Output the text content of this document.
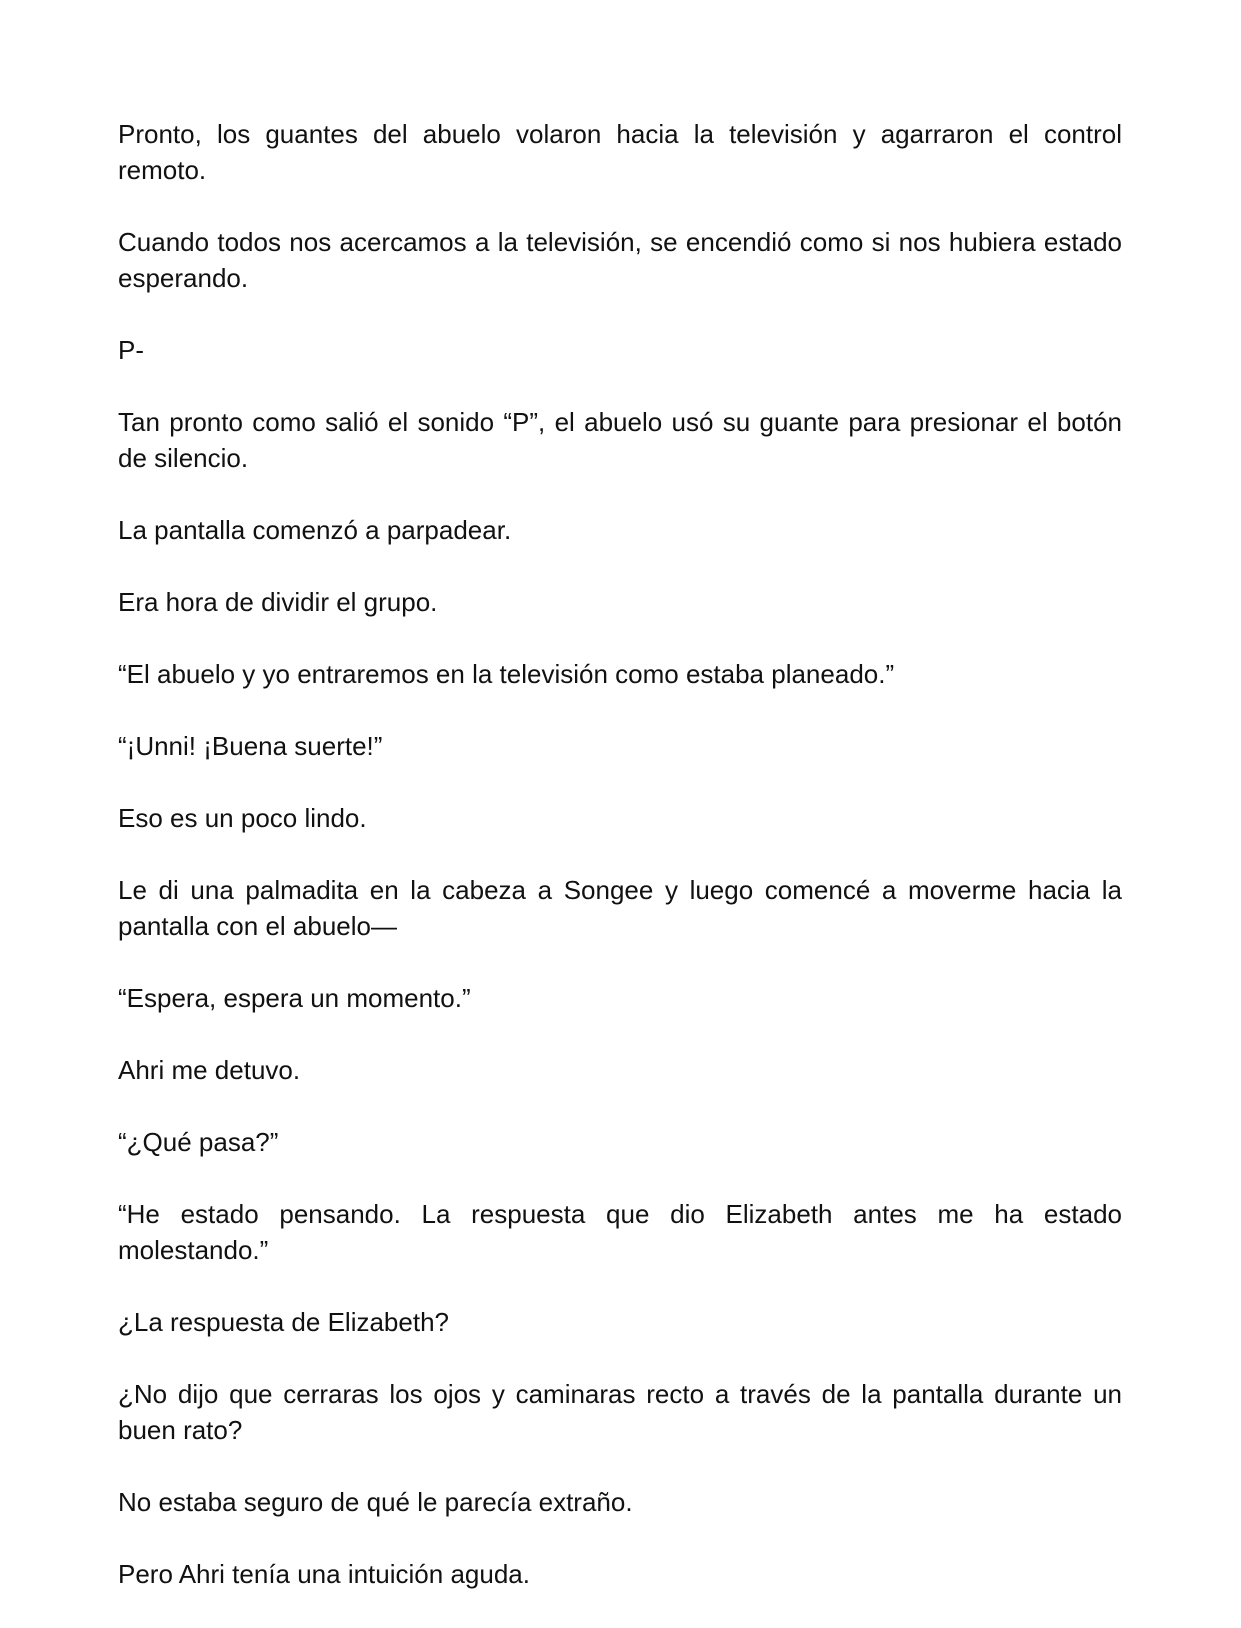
Pronto, los guantes del abuelo volaron hacia la televisión y agarraron el control remoto.

Cuando todos nos acercamos a la televisión, se encendió como si nos hubiera estado esperando.

P-

Tan pronto como salió el sonido “P”, el abuelo usó su guante para presionar el botón de silencio.

La pantalla comenzó a parpadear.

Era hora de dividir el grupo.

“El abuelo y yo entraremos en la televisión como estaba planeado.”

“¡Unni! ¡Buena suerte!”

Eso es un poco lindo.

Le di una palmadita en la cabeza a Songee y luego comencé a moverme hacia la pantalla con el abuelo—

“Espera, espera un momento.”

Ahri me detuvo.

“¿Qué pasa?”

“He estado pensando. La respuesta que dio Elizabeth antes me ha estado molestando.”

¿La respuesta de Elizabeth?

¿No dijo que cerraras los ojos y caminaras recto a través de la pantalla durante un buen rato?

No estaba seguro de qué le parecía extraño.

Pero Ahri tenía una intuición aguda.
